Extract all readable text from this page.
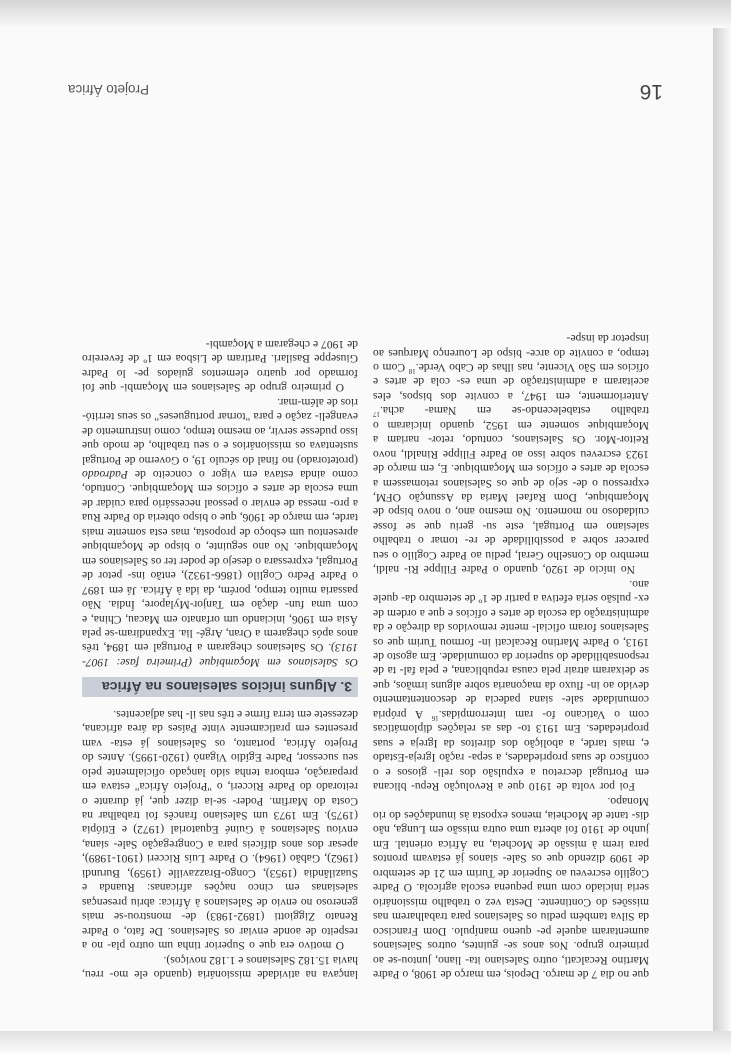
que no dia 7 de março. Depois, em março de 1908, o Padre Martino Recalcati, outro Salesiano ita- liano, juntou-se ao primeiro grupo. Nos anos se- guintes, outros Salesianos aumentaram aquele pe- queno manípulo. Dom Francisco da Silva também pediu os Salesianos para trabalharem nas missões do Continente. Desta vez o trabalho missionário seria iniciado com uma pequena escola agrícola. O Padre Coglilo escreveu ao Superior de Turim em 21 de setembro de 1909 dizendo que os Sale- sianos já estavam prontos para irem à missão de Mocheia, na África oriental. Em junho de 1910 foi aberta uma outra missão em Lunga, não dis- tante de Mocheia, menos exposta às inundações do rio Monapo.

Foi por volta de 1910 que a Revolução Repu- blicana em Portugal decretou a expulsão dos reli- giosos e o confisco de suas propriedades, a sepa- ração Igreja-Estado e, mais tarde, a abolição dos direitos da Igreja e suas propriedades. Em 1913 to- das as relações diplomáticas com o Vaticano fo- ram interrompidas.$^{16}$ A própria comunidade sale- siana padecia de descontentamento devido ao in- fluxo da maçonaria sobre alguns irmãos, que se deixaram atrair pela causa republicana, e pela fal- ta de responsabilidade do superior da comunidade. Em agosto de 1913, o Padre Martino Recalcati in- formou Turim que os Salesianos foram oficial- mente removidos da direção e da administração da escola de artes e ofícios e que a ordem de ex- pulsão seria efetiva a partir de 1º de setembro da- quele ano.

No início de 1920, quando o Padre Filippe Ri- naldi, membro do Conselho Geral, pediu ao Padre Coglilo o seu parecer sobre a possibilidade de re- tomar o trabalho salesiano em Portugal, este su- geriu que se fosse cuidadoso no momento. No mesmo ano, o novo bispo de Moçambique, Dom Rafael Maria da Assunção OFM, expressou o de- sejo de que os Salesianos retomassem a escola de artes e ofícios em Moçambique. E, em março de 1923 escreveu sobre isso ao Padre Filippe Rinaldi, novo Reitor-Mor. Os Salesianos, contudo, retor- nariam a Moçambique somente em 1952, quando iniciaram o trabalho estabelecendo-se em Nama- acha.$^{17}$ Anteriormente, em 1947, a convite dos bispos, eles aceitaram a administração de uma es- cola de artes e ofícios em São Vicente, nas ilhas de Cabo Verde.$^{18}$ Com o tempo, a convite do arce- bispo de Lourenço Marques ao inspetor da inspe-

lançava na atividade missionária (quando ele mo- rreu, havia 15.182 Salesianos e 1.182 noviços).

O motivo era que o Superior tinha um outro pla- no a respeito de aonde enviar os Salesianos. De fato, o Padre Renato Ziggiotti (1892-1983) de- monstrou-se mais generoso no envio de Salesianos à África: abriu presenças salesianas em cinco nações africanas: Ruanda e Suazilândia (1953), Congo-Brazzaville (1959), Burundi (1962), Gabão (1964). O Padre Luís Ricceri (1901-1989), apesar dos anos difíceis para a Congregação Sale- siana, enviou Salesianos à Guiné Equatorial (1972) e Etiópia (1975). Em 1973 um Salesiano francês foi trabalhar na Costa do Marfim. Poder- se-ia dizer que, já durante o reitorado do Padre Ricceri, o "Projeto África" estava em preparação, embora tenha sido lançado oficialmente pelo seu sucessor, Padre Egídio Viganò (1920-1995). Antes do Projeto África, portanto, os Salesianos já esta- vam presentes em praticamente vinte Países da área africana, dezessete em terra firme e três nas il- has adjacentes.

3. Alguns inícios salesianos na África

Os Salesianos em Moçambique (Primeira fase: 1907-1913). Os Salesianos chegaram a Portugal em 1894, três anos após chegarem a Oran, Argé- lia. Expandiram-se pela Ásia em 1906, iniciando um orfanato em Macau, China, e com uma fun- dação em Tanjor-Mylapore, Índia. Não passaria muito tempo, porém, da ida à África. Já em 1897 o Padre Pedro Coglilo (1866-1932), então ins- petor de Portugal, expressara o desejo de poder ter os Salesianos em Moçambique. No ano seguinte, o bispo de Moçambique apresentou um esboço de proposta, mas esta somente mais tarde, em março de 1906, que o bispo obteria do Padre Rua a pro- messa de enviar o pessoal necessário para cuidar de uma escola de artes e ofícios em Moçambique. Contudo, como ainda estava em vigor o conceito de Padroado (protetorado) no final do século 19, o Governo de Portugal sustentava os missionários e o seu trabalho, de modo que isso pudesse servir, ao mesmo tempo, como instrumento de evangeli- zação e para "tornar portugueses" os seus territó- rios de além-mar.

O primeiro grupo de Salesianos em Moçambi- que foi formado por quatro elementos guiados pe- lo Padre Giuseppe Basilari. Partiram de Lisboa em 1º de fevereiro de 1907 e chegaram a Moçambi-

16
Projeto África
